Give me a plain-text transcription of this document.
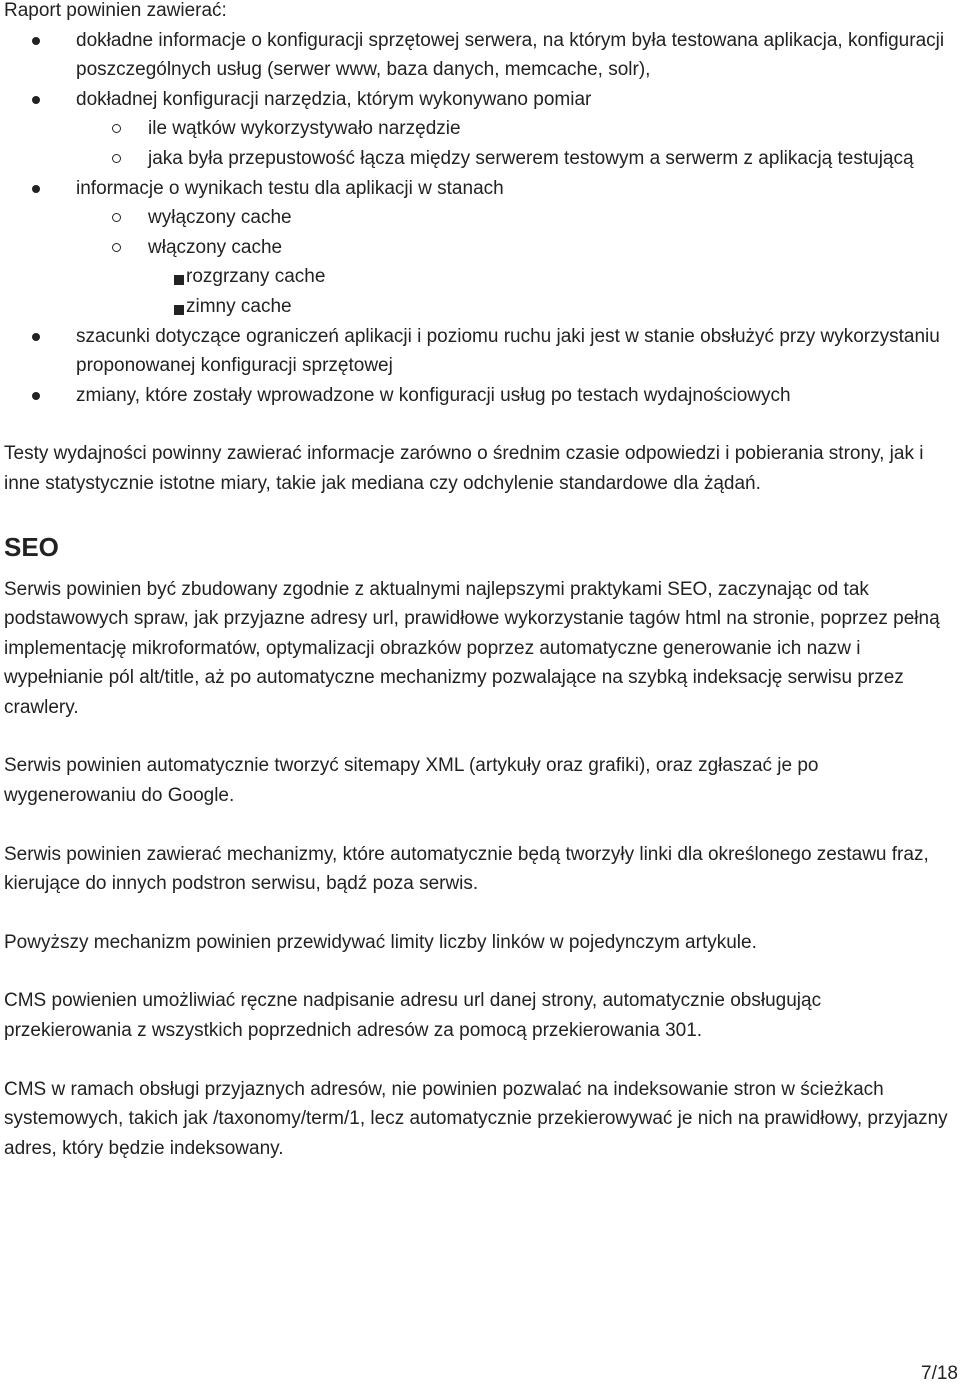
Raport powinien zawierać:

dokładne informacje o konfiguracji sprzętowej serwera, na którym była testowana aplikacja, konfiguracji poszczególnych usług (serwer www, baza danych, memcache, solr),
dokładnej konfiguracji narzędzia, którym wykonywano pomiar
ile wątków wykorzystywało narzędzie
jaka była przepustowość łącza między serwerem testowym a serwerm z aplikacją testującą
informacje o wynikach testu dla aplikacji w stanach
wyłączony cache
włączony cache
rozgrzany cache
zimny cache
szacunki dotyczące ograniczeń aplikacji i poziomu ruchu jaki jest w stanie obsłużyć przy wykorzystaniu proponowanej konfiguracji sprzętowej
zmiany, które zostały wprowadzone w konfiguracji usług po testach wydajnościowych

Testy wydajności powinny zawierać informacje zarówno o średnim czasie odpowiedzi i pobierania strony, jak i inne statystycznie istotne miary, takie jak mediana czy odchylenie standardowe dla żądań.

SEO

Serwis powinien być zbudowany zgodnie z aktualnymi najlepszymi praktykami SEO, zaczynając od tak podstawowych spraw, jak przyjazne adresy url, prawidłowe wykorzystanie tagów html na stronie, poprzez pełną implementację mikroformatów, optymalizacji obrazków poprzez automatyczne generowanie ich nazw i wypełnianie pól alt/title, aż po automatyczne mechanizmy pozwalające na szybką indeksację serwisu przez crawlery.

Serwis powinien automatycznie tworzyć sitemapy XML (artykuły oraz grafiki), oraz zgłaszać je po wygenerowaniu do Google.

Serwis powinien zawierać mechanizmy, które automatycznie będą tworzyły linki dla określonego zestawu fraz, kierujące do innych podstron serwisu, bądź poza serwis.

Powyższy mechanizm powinien przewidywać limity liczby linków w pojedynczym artykule.

CMS powienien umożliwiać ręczne nadpisanie adresu url danej strony, automatycznie obsługując przekierowania z wszystkich poprzednich adresów za pomocą przekierowania 301.

CMS w ramach obsługi przyjaznych adresów, nie powinien pozwalać na indeksowanie stron w ścieżkach systemowych, takich jak /taxonomy/term/1, lecz automatycznie przekierowywać je nich na prawidłowy, przyjazny adres, który będzie indeksowany.

7/18
